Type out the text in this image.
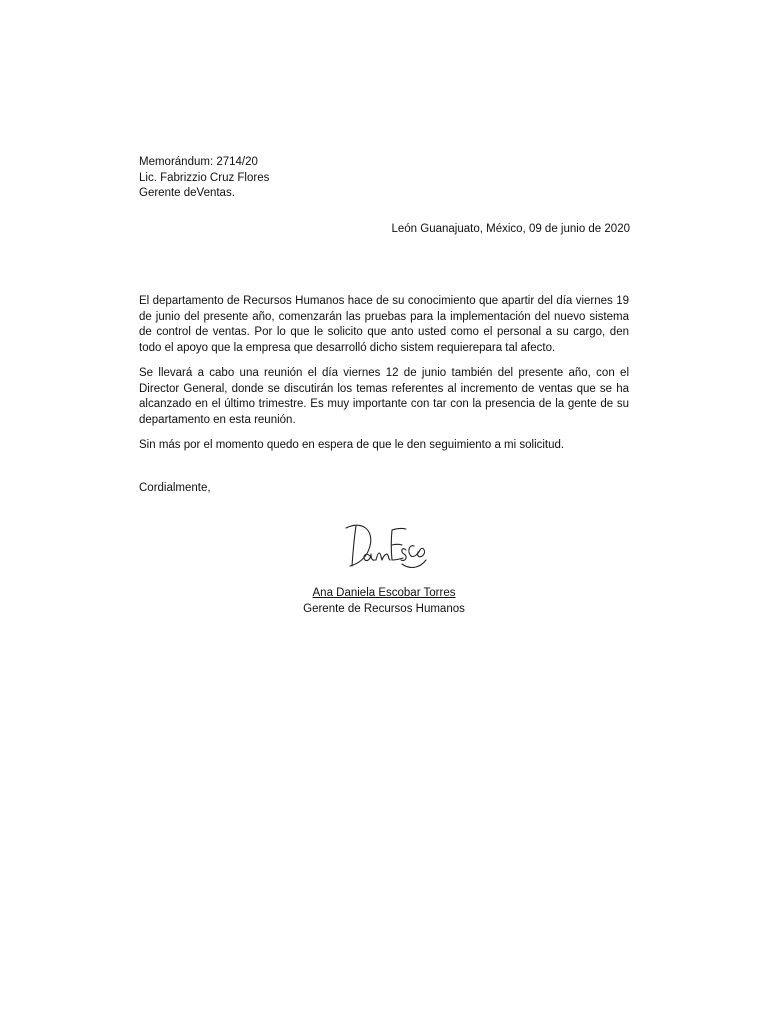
Memorándum: 2714/20
Lic. Fabrizzio Cruz Flores
Gerente deVentas.
León Guanajuato, México, 09 de junio de 2020

El departamento de Recursos Humanos hace de su conocimiento que apartir del día viernes 19 de junio del presente año, comenzarán las pruebas para la implementación del nuevo sistema de control de ventas. Por lo que le solicito que anto usted como el personal a su cargo, den todo el apoyo que la empresa que desarrolló dicho sistem requierepara tal afecto.

Se llevará a cabo una reunión el día viernes 12 de junio también del presente año, con el Director General, donde se discutirán los temas referentes al incremento de ventas que se ha alcanzado en el último trimestre. Es muy importante con tar con la presencia de la gente de su departamento en esta reunión.

Sin más por el momento quedo en espera de que le den seguimiento a mi solicitud.

Cordialmente,
Ana Daniela Escobar Torres
Gerente de Recursos Humanos
